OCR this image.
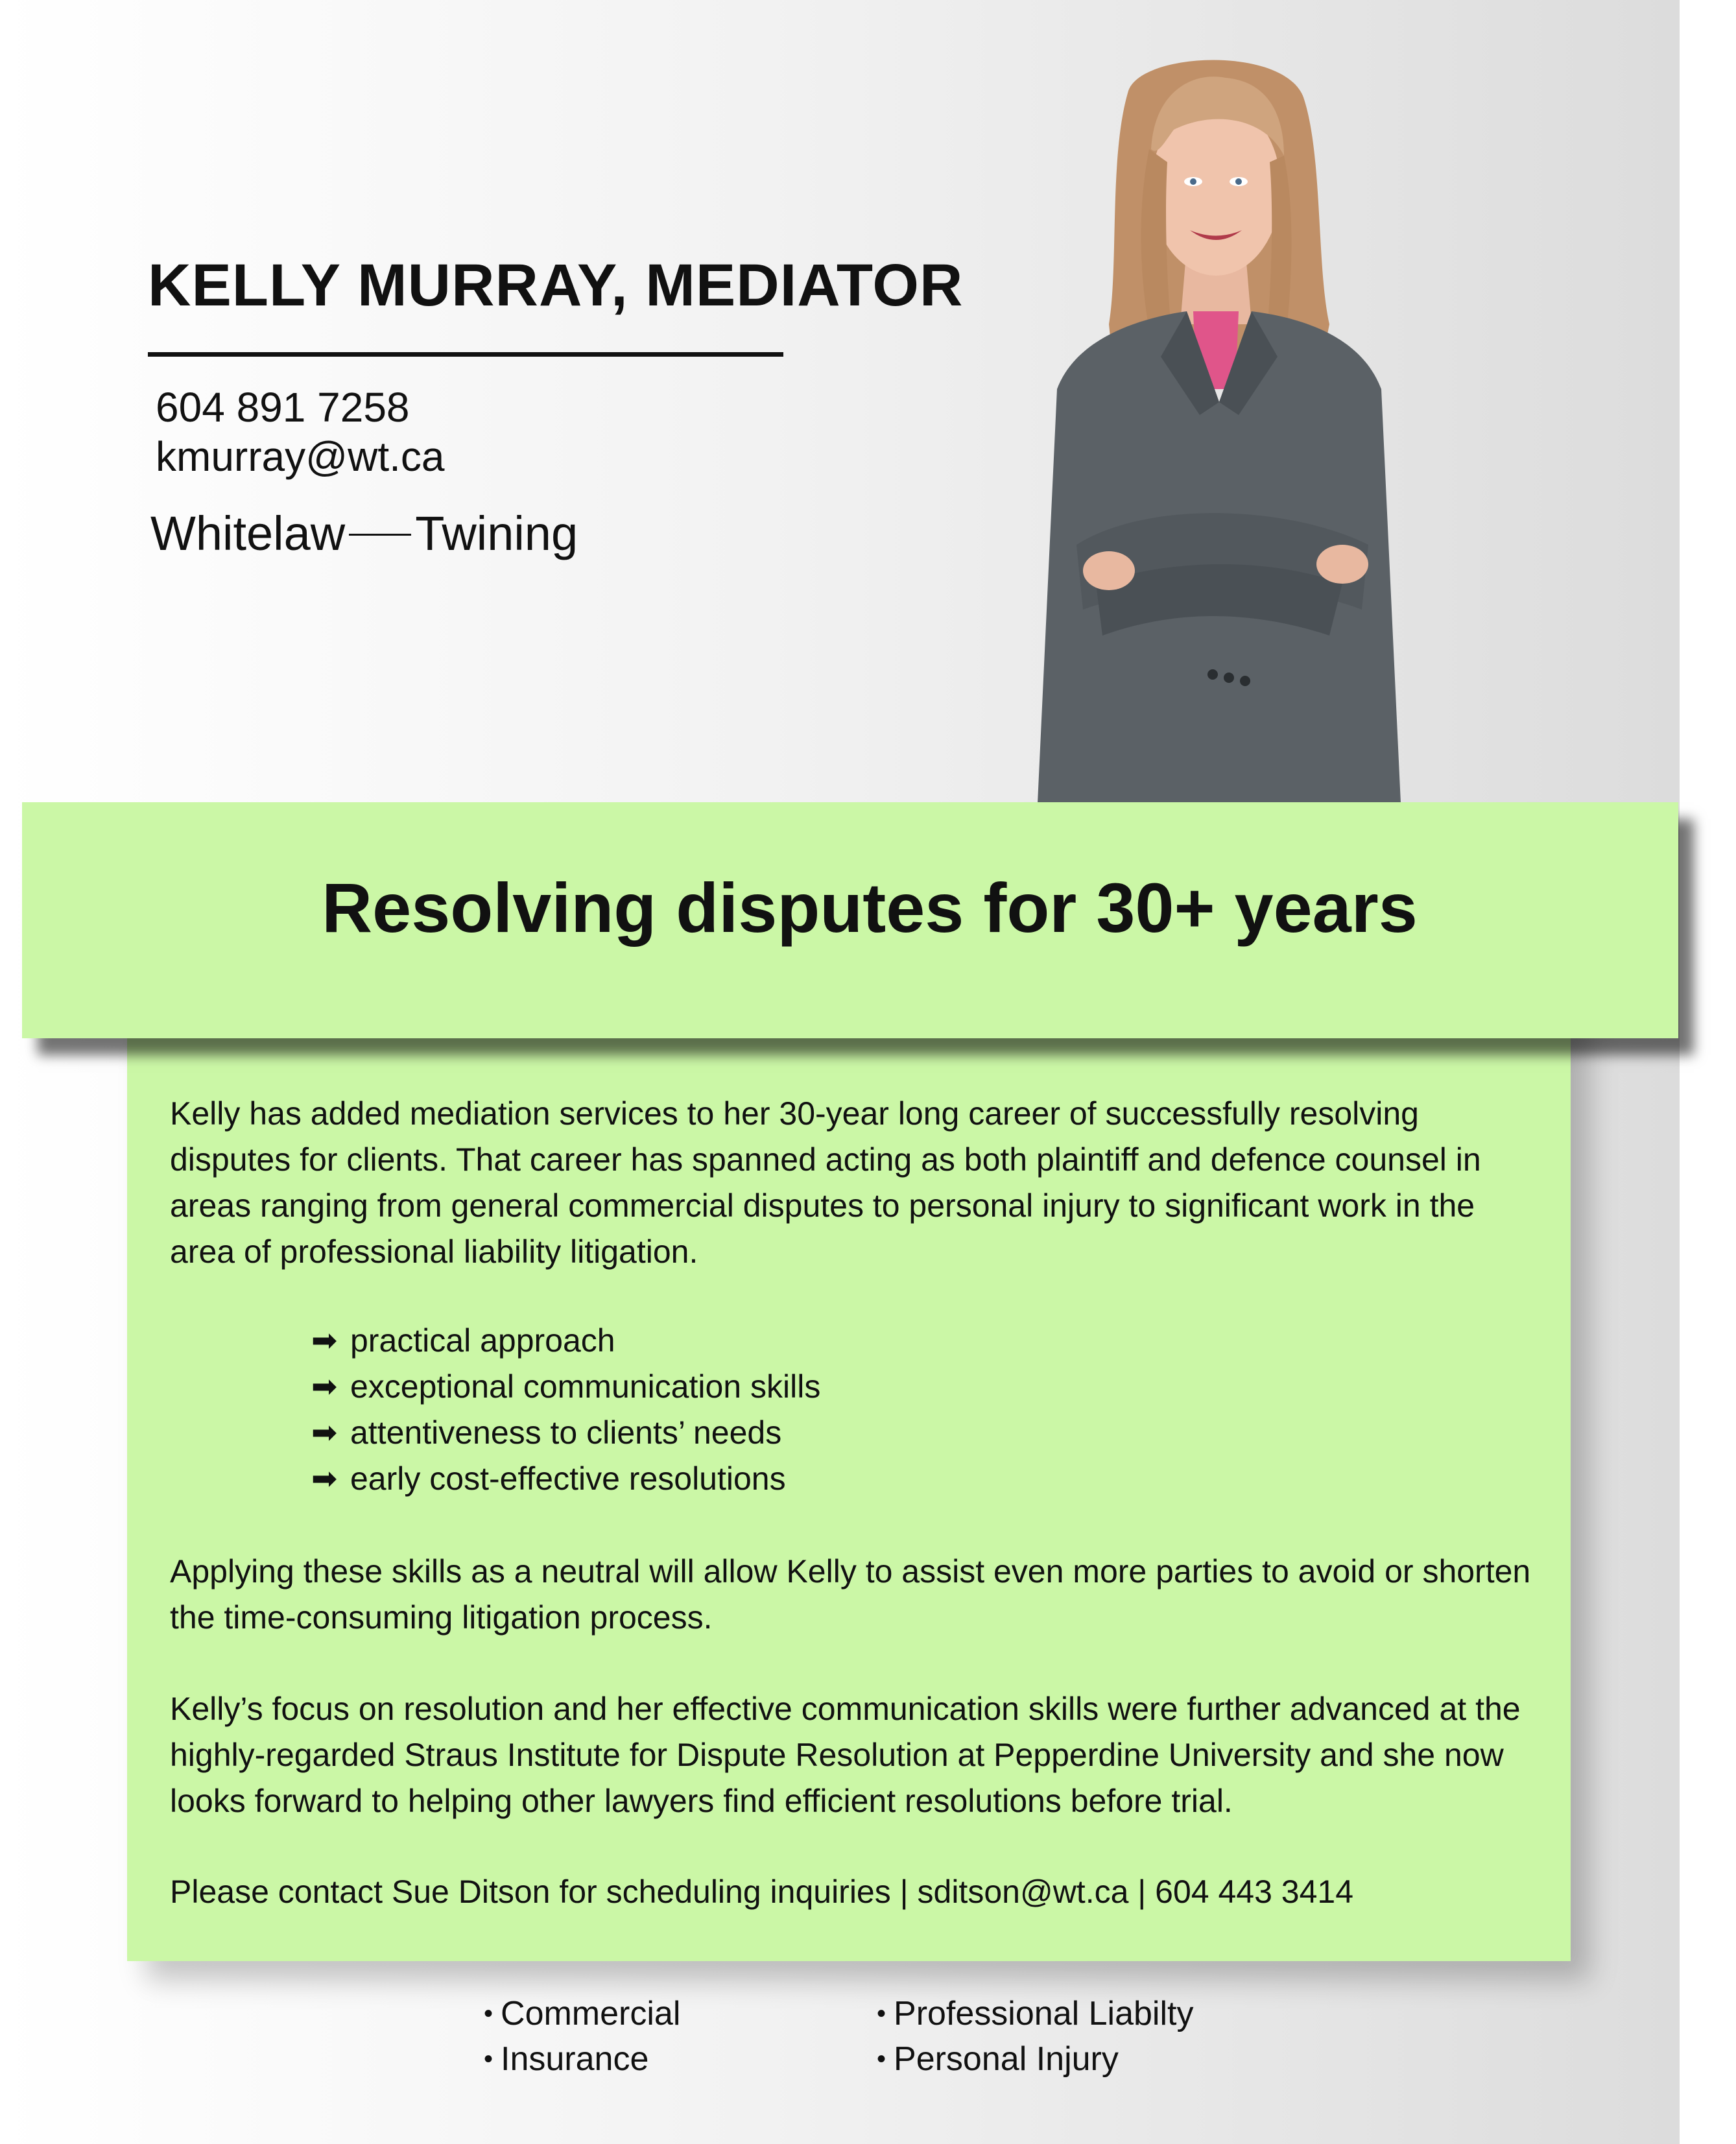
KELLY MURRAY, MEDIATOR
604 891 7258
kmurray@wt.ca
Whitelaw Twining
Resolving disputes for 30+ years
Kelly has added mediation services to her 30-year long career of successfully resolving disputes for clients. That career has spanned acting as both plaintiff and defence counsel in areas ranging from general commercial disputes to personal injury to significant work in the area of professional liability litigation.
➡ practical approach
➡ exceptional communication skills
➡ attentiveness to clients’ needs
➡ early cost-effective resolutions
Applying these skills as a neutral will allow Kelly to assist even more parties to avoid or shorten the time-consuming litigation process.
Kelly’s focus on resolution and her effective communication skills were further advanced at the highly-regarded Straus Institute for Dispute Resolution at Pepperdine University and she now looks forward to helping other lawyers find efficient resolutions before trial.
Please contact Sue Ditson for scheduling inquiries | sditson@wt.ca | 604 443 3414
• Commercial
• Insurance
• Professional Liabilty
• Personal Injury
